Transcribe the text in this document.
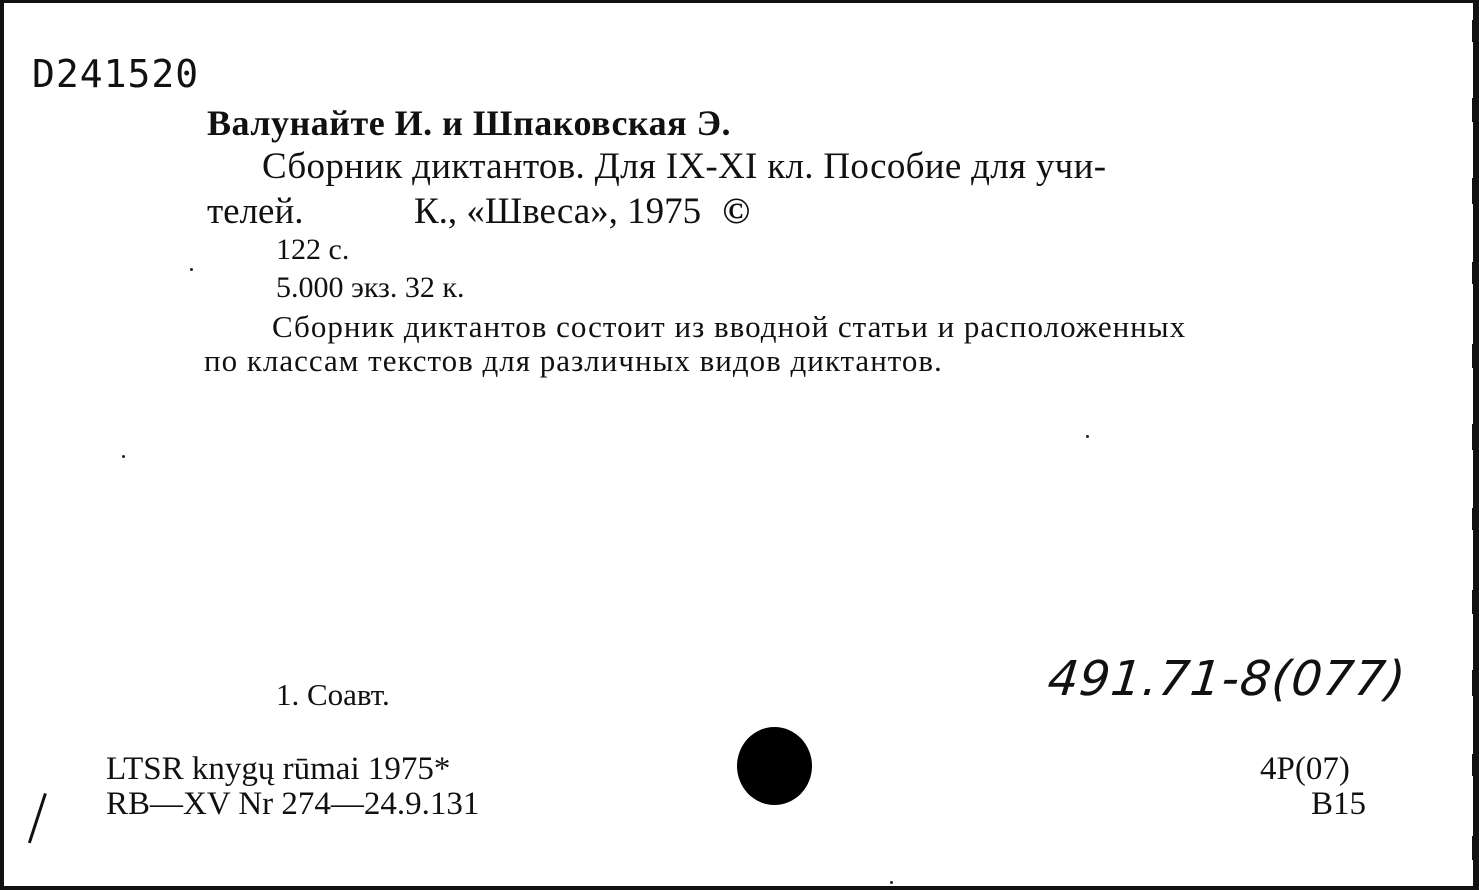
D241520
Валунайте И. и Шпаковская Э.
Сборник диктантов. Для IX-XI кл. Пособие для учи-
телей.	К., «Швеса», 1975 ©
122 с.
5.000 экз. 32 к.
Сборник диктантов состоит из вводной статьи и расположенных
по классам текстов для различных видов диктантов.
1. Соавт.	491.71-8(077)
LTSR knygų rūmai 1975*
RB—XV Nr 274—24.9.131
4P(07)
B15
